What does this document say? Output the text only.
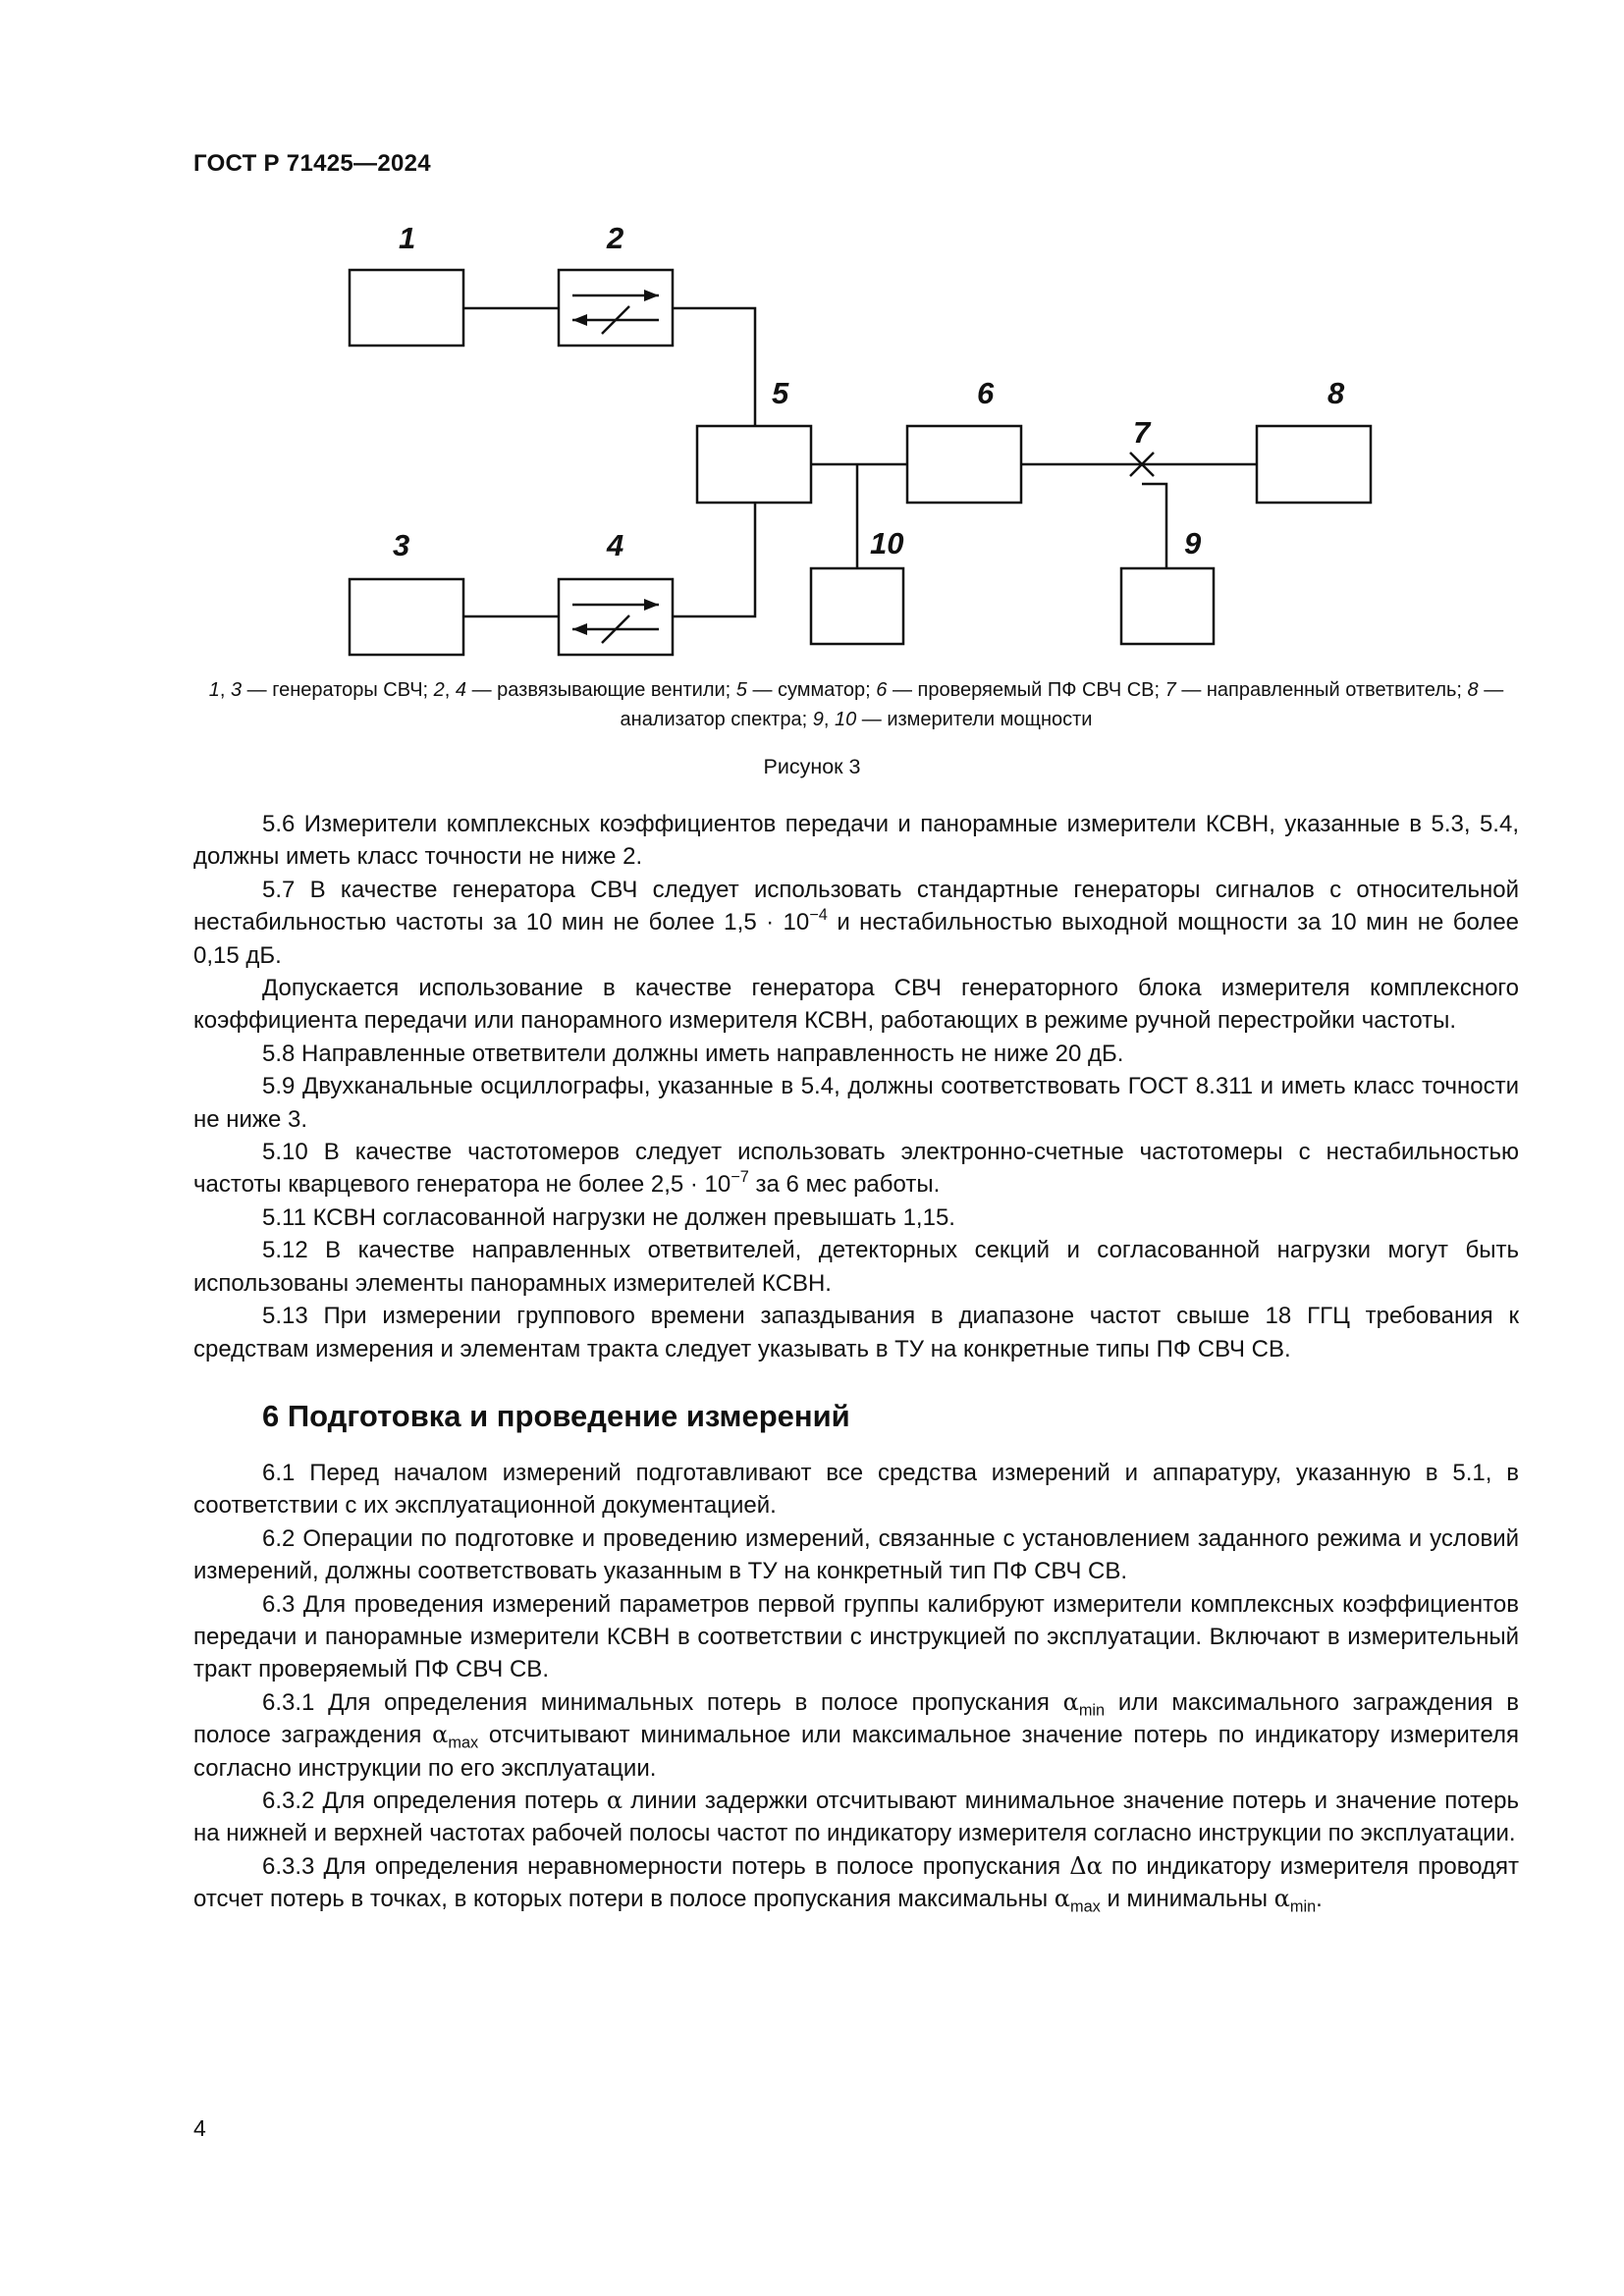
ГОСТ Р 71425—2024
1	2
3	4
5	6
7
8
9
10
1, 3 — генераторы СВЧ; 2, 4 — развязывающие вентили; 5 — сумматор; 6 — проверяемый ПФ СВЧ СВ; 7 — направленный ответвитель; 8 — анализатор спектра; 9, 10 — измерители мощности
Рисунок 3

5.6 Измерители комплексных коэффициентов передачи и панорамные измерители КСВН, указанные в 5.3, 5.4, должны иметь класс точности не ниже 2.

5.7 В качестве генератора СВЧ следует использовать стандартные генераторы сигналов с относительной нестабильностью частоты за 10 мин не более $1,5 \cdot 10^{-4}$ и нестабильностью выходной мощности за 10 мин не более 0,15 дБ.

Допускается использование в качестве генератора СВЧ генераторного блока измерителя комплексного коэффициента передачи или панорамного измерителя КСВН, работающих в режиме ручной перестройки частоты.

5.8 Направленные ответвители должны иметь направленность не ниже 20 дБ.

5.9 Двухканальные осциллографы, указанные в 5.4, должны соответствовать ГОСТ 8.311 и иметь класс точности не ниже 3.

5.10 В качестве частотомеров следует использовать электронно-счетные частотомеры с нестабильностью частоты кварцевого генератора не более $2,5 \cdot 10^{-7}$ за 6 мес работы.

5.11 КСВН согласованной нагрузки не должен превышать 1,15.

5.12 В качестве направленных ответвителей, детекторных секций и согласованной нагрузки могут быть использованы элементы панорамных измерителей КСВН.

5.13 При измерении группового времени запаздывания в диапазоне частот свыше 18 ГГЦ требования к средствам измерения и элементам тракта следует указывать в ТУ на конкретные типы ПФ СВЧ СВ.

6 Подготовка и проведение измерений

6.1 Перед началом измерений подготавливают все средства измерений и аппаратуру, указанную в 5.1, в соответствии с их эксплуатационной документацией.

6.2 Операции по подготовке и проведению измерений, связанные с установлением заданного режима и условий измерений, должны соответствовать указанным в ТУ на конкретный тип ПФ СВЧ СВ.

6.3 Для проведения измерений параметров первой группы калибруют измерители комплексных коэффициентов передачи и панорамные измерители КСВН в соответствии с инструкцией по эксплуатации. Включают в измерительный тракт проверяемый ПФ СВЧ СВ.

6.3.1 Для определения минимальных потерь в полосе пропускания $\alpha_{min}$ или максимального заграждения в полосе заграждения $\alpha_{max}$ отсчитывают минимальное или максимальное значение потерь по индикатору измерителя согласно инструкции по его эксплуатации.

6.3.2 Для определения потерь α линии задержки отсчитывают минимальное значение потерь и значение потерь на нижней и верхней частотах рабочей полосы частот по индикатору измерителя согласно инструкции по эксплуатации.

6.3.3 Для определения неравномерности потерь в полосе пропускания Δα по индикатору измерителя проводят отсчет потерь в точках, в которых потери в полосе пропускания максимальны $\alpha_{max}$ и минимальны $\alpha_{min}$.

4
